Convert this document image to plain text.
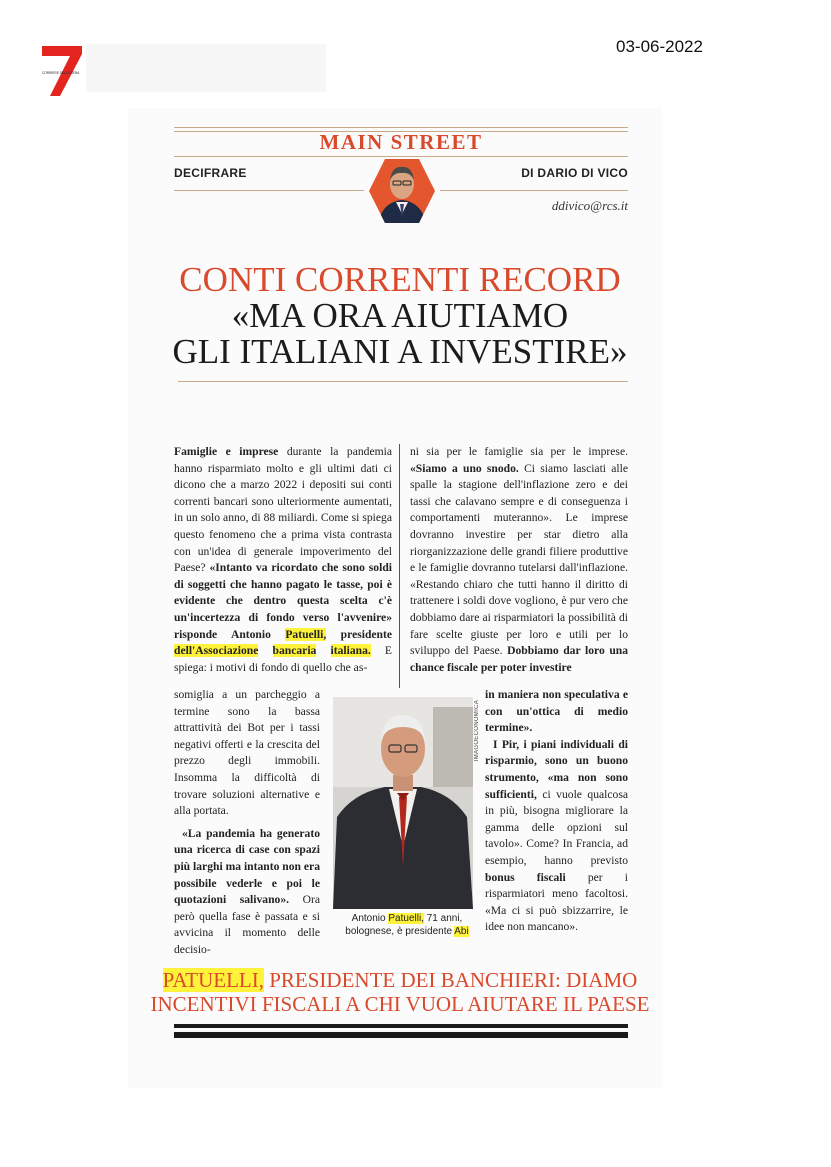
CORRIERE DELLA SERA
03-06-2022
MAIN STREET
DECIFRARE	DI DARIO DI VICO
ddivico@rcs.it
CONTI CORRENTI RECORD
«MA ORA AIUTIAMO
GLI ITALIANI A INVESTIRE»

Famiglie e imprese durante la pandemia hanno risparmiato molto e gli ultimi dati ci dicono che a marzo 2022 i depositi sui conti correnti bancari sono ulteriormente aumentati, in un solo anno, di 88 miliardi. Come si spiega questo fenomeno che a prima vista contrasta con un'idea di generale impoverimento del Paese? «Intanto va ricordato che sono soldi di soggetti che hanno pagato le tasse, poi è evidente che dentro questa scelta c'è un'incertezza di fondo verso l'avvenire» risponde Antonio Patuelli, presidente dell'Associazione bancaria italiana. E spiega: i motivi di fondo di quello che as-

ni sia per le famiglie sia per le imprese. «Siamo a uno snodo. Ci siamo lasciati alle spalle la stagione dell'inflazione zero e dei tassi che calavano sempre e di conseguenza i comportamenti muteranno». Le imprese dovranno investire per star dietro alla riorganizzazione delle grandi filiere produttive e le famiglie dovranno tutelarsi dall'inflazione. «Restando chiaro che tutti hanno il diritto di trattenere i soldi dove vogliono, è pur vero che dobbiamo dare ai risparmiatori la possibilità di fare scelte giuste per loro e utili per lo sviluppo del Paese. Dobbiamo dar loro una chance fiscale per poter investire

somiglia a un parcheggio a termine sono la bassa attrattività dei Bot per i tassi negativi offerti e la crescita del prezzo degli immobili. Insomma la difficoltà di trovare soluzioni alternative e alla portata.

«La pandemia ha generato una ricerca di case con spazi più larghi ma intanto non era possibile vederle e poi le quotazioni salivano». Ora però quella fase è passata e si avvicina il momento delle decisio-

IMAGOECONOMICA
Antonio Patuelli, 71 anni, bolognese, è presidente Abi

in maniera non speculativa e con un'ottica di medio termine».

I Pir, i piani individuali di risparmio, sono un buono strumento, «ma non sono sufficienti, ci vuole qualcosa in più, bisogna migliorare la gamma delle opzioni sul tavolo». Come? In Francia, ad esempio, hanno previsto bonus fiscali per i risparmiatori meno facoltosi. «Ma ci si può sbizzarrire, le idee non mancano».

PATUELLI, PRESIDENTE DEI BANCHIERI: DIAMO INCENTIVI FISCALI A CHI VUOL AIUTARE IL PAESE
